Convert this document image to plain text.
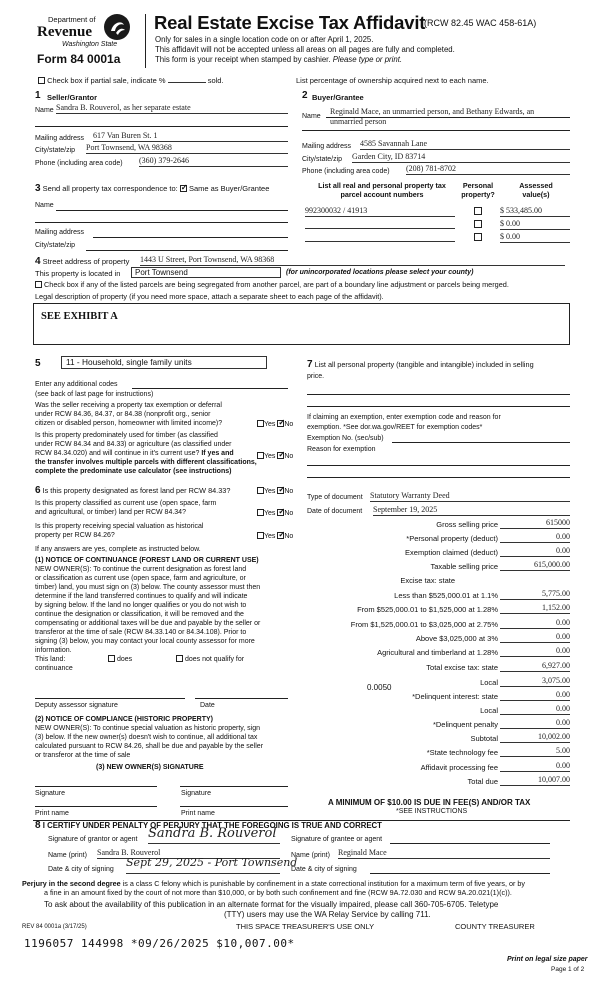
Department of
Revenue
Washington State
Form 84 0001a
Real Estate Excise Tax Affidavit
(RCW 82.45 WAC 458-61A)
Only for sales in a single location code on or after April 1, 2025.
This affidavit will not be accepted unless all areas on all pages are fully and completed.
This form is your receipt when stamped by cashier. Please type or print.
Check box if partial sale, indicate %	sold.	List percentage of ownership acquired next to each name.
1 Seller/Grantor
Name Sandra B. Rouverol, as her separate estate
Mailing address 617 Van Buren St. 1
City/state/zip Port Townsend, WA 98368
Phone (including area code) (360) 379-2646
2 Buyer/Grantee
Name
Reginald Mace, an unmarried person, and Bethany Edwards, an
unmarried person
Mailing address 4585 Savannah Lane
City/state/zip Garden City, ID 83714
Phone (including area code) (208) 781-8702
3 Send all property tax correspondence to: ✓ Same as Buyer/Grantee
Name
Mailing address
City/state/zip
List all real and personal property tax
parcel account numbers
Personal
property?
Assessed
value(s)
992300032 / 41913	$ 533,485.00
$ 0.00
$ 0.00
4 Street address of property 1443 U Street, Port Townsend, WA 98368
This property is located in	Port Townsend	(for unincorporated locations please select your county)
Check box if any of the listed parcels are being segregated from another parcel, are part of a boundary line adjustment or parcels being merged.
Legal description of property (if you need more space, attach a separate sheet to each page of the affidavit).
SEE EXHIBIT A
5	11 - Household, single family units
Enter any additional codes
(see back of last page for instructions)
Was the seller receiving a property tax exemption or deferral
under RCW 84.36, 84.37, or 84.38 (nonprofit org., senior
citizen or disabled person, homeowner with limited income)?	Yes ✓ No
Is this property predominately used for timber (as classified
under RCW 84.34 and 84.33) or agriculture (as classified under
RCW 84.34.020) and will continue in it's current use? If yes and	Yes ✓ No
the transfer involves multiple parcels with different classifications,
complete the predominate use calculator (see instructions)
6 Is this property designated as forest land per RCW 84.33?	Yes ✓ No
Is this property classified as current use (open space, farm
and agricultural, or timber) land per RCW 84.34?	Yes ✓ No
Is this property receiving special valuation as historical
property per RCW 84.26?	Yes ✓ No
If any answers are yes, complete as instructed below.
(1) NOTICE OF CONTINUANCE (FOREST LAND OR CURRENT USE)
NEW OWNER(S): To continue the current designation as forest land
or classification as current use (open space, farm and agriculture, or
timber) land, you must sign on (3) below. The county assessor must then
determine if the land transferred continues to qualify and will indicate
by signing below. If the land no longer qualifies or you do not wish to
continue the designation or classification, it will be removed and the
compensating or additional taxes will be due and payable by the seller or
transferor at the time of sale (RCW 84.33.140 or 84.34.108). Prior to
signing (3) below, you may contact your local county assessor for more
information.
This land:
continuance
does	does not qualify for
Deputy assessor signature	Date
(2) NOTICE OF COMPLIANCE (HISTORIC PROPERTY)
NEW OWNER(S): To continue special valuation as historic property, sign
(3) below. If the new owner(s) doesn't wish to continue, all additional tax
calculated pursuant to RCW 84.26, shall be due and payable by the seller
or transferor at the time of sale
(3) NEW OWNER(S) SIGNATURE
Signature	Signature
Print name	Print name
7 List all personal property (tangible and intangible) included in selling
price.
If claiming an exemption, enter exemption code and reason for
exemption. *See dor.wa.gov/REET for exemption codes*
Exemption No. (sec/sub)
Reason for exemption
Type of document Statutory Warranty Deed
Date of document September 19, 2025
Gross selling price	615000
*Personal property (deduct)	0.00
Exemption claimed (deduct)	0.00
Taxable selling price	615,000.00
Excise tax: state
Less than $525,000.01 at 1.1%	5,775.00
From $525,000.01 to $1,525,000 at 1.28%	1,152.00
From $1,525,000.01 to $3,025,000 at 2.75%	0.00
Above $3,025,000 at 3%	0.00
Agricultural and timberland at 1.28%	0.00
Total excise tax: state	6,927.00
Local	3,075.00
*Delinquent interest: state	0.00
Local	0.00
*Delinquent penalty	0.00
Subtotal	10,002.00
*State technology fee	5.00
Affidavit processing fee	0.00
Total due	10,007.00
0.0050
A MINIMUM OF $10.00 IS DUE IN FEE(S) AND/OR TAX
*SEE INSTRUCTIONS
8 I CERTIFY UNDER PENALTY OF PERJURY THAT THE FOREGOING IS TRUE AND CORRECT
Signature of grantor or agent Sandra B. Rouverol
Name (print) Sandra B. Rouverol
Date & city of signing
Sept 29, 2025 - Port Townsend
Signature of grantee or agent
Name (print) Reginald Mace
Date & city of signing
Perjury in the second degree is a class C felony which is punishable by confinement in a state correctional institution for a maximum term of five years, or by
a fine in an amount fixed by the court of not more than $10,000, or by both such confinement and fine (RCW 9A.72.030 and RCW 9A.20.021(1)(c)).
To ask about the availability of this publication in an alternate format for the visually impaired, please call 360-705-6705. Teletype
(TTY) users may use the WA Relay Service by calling 711.
REV 84 0001a (3/17/25)	THIS SPACE TREASURER'S USE ONLY	COUNTY TREASURER
1196057 144998 *09/26/2025 $10,007.00*
Print on legal size paper
Page 1 of 2
